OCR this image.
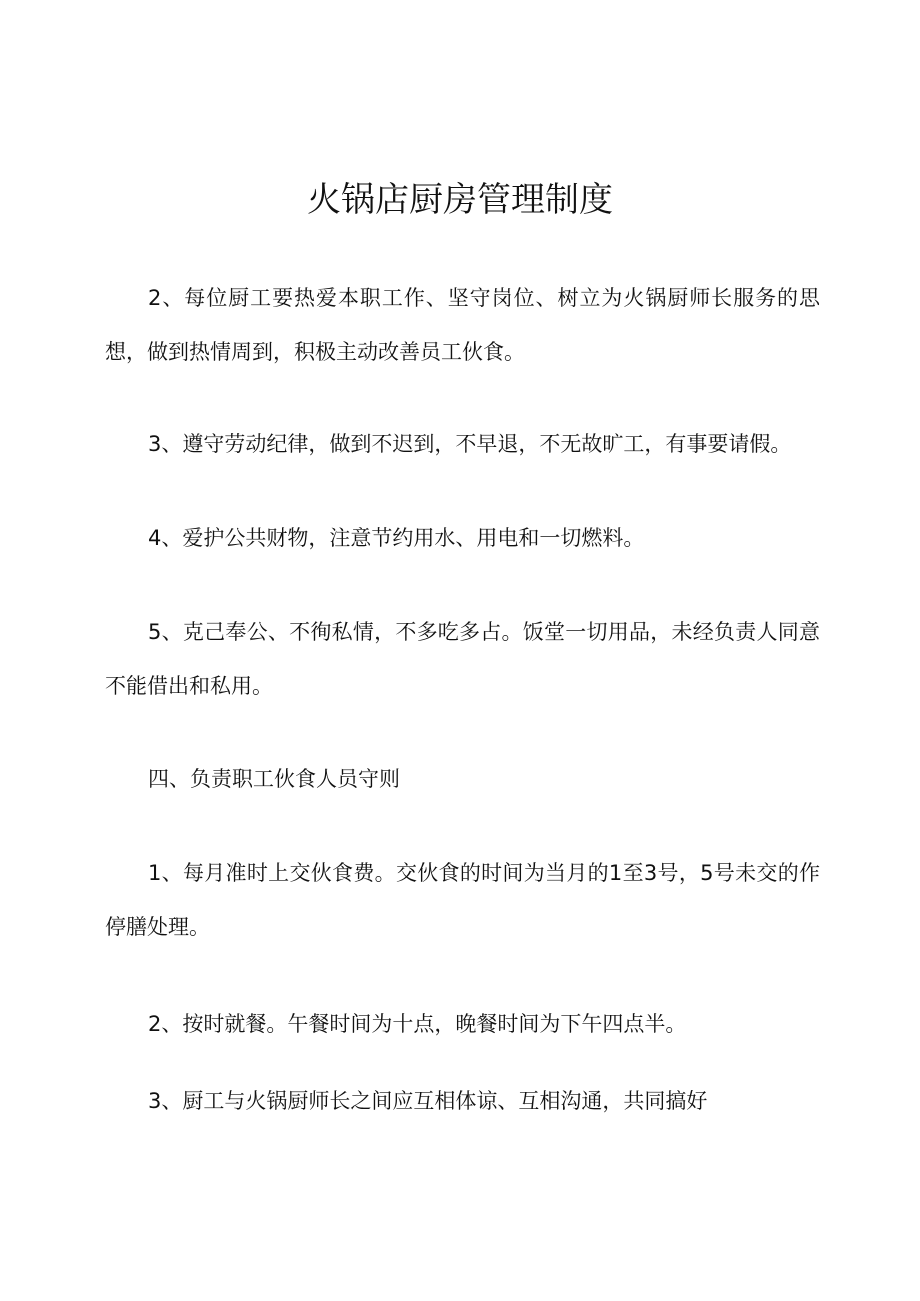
火锅店厨房管理制度

2、每位厨工要热爱本职工作、坚守岗位、树立为火锅厨师长服务的思想，做到热情周到，积极主动改善员工伙食。

3、遵守劳动纪律，做到不迟到，不早退，不无故旷工，有事要请假。

4、爱护公共财物，注意节约用水、用电和一切燃料。

5、克己奉公、不徇私情，不多吃多占。饭堂一切用品，未经负责人同意不能借出和私用。

四、负责职工伙食人员守则

1、每月准时上交伙食费。交伙食的时间为当月的1至3号，5号未交的作停膳处理。

2、按时就餐。午餐时间为十点，晚餐时间为下午四点半。

3、厨工与火锅厨师长之间应互相体谅、互相沟通，共同搞好
